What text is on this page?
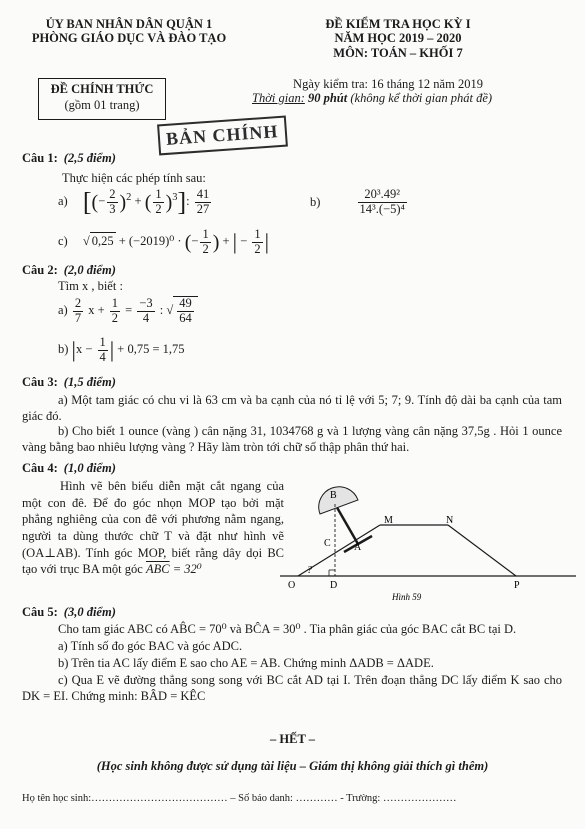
ỦY BAN NHÂN DÂN QUẬN 1
PHÒNG GIÁO DỤC VÀ ĐÀO TẠO
ĐỀ CHÍNH THỨC
(gồm 01 trang)
ĐỀ KIỂM TRA HỌC KỲ I
NĂM HỌC 2019 – 2020
MÔN: TOÁN – KHỐI 7
Ngày kiểm tra: 16 tháng 12 năm 2019
Thời gian: 90 phút (không kể thời gian phát đề)
BẢN CHÍNH
Câu 1: (2,5 điểm)
Thực hiện các phép tính sau:
a) [(− $\frac{2}{3} )^2$ + ( $\frac{1}{2} )^3$]: $\frac{41}{27}$	b)	$\frac{\text{20³.49²}}{\text{14³.(−5)⁴}}$
c) √ 0,25 + (−2019)⁰ · (− $\frac{1}{2}$ ) + | − $\frac{1}{2}$ |
Câu 2: (2,0 điểm)
Tìm x , biết :
$a) \frac{2}{7}$ $x + \frac{1}{2} = \frac{-3}{4}$ : √ $\frac{49}{64}$
b) $|x - \frac{1}{4}$ | + 0,75 = 1,75
Câu 3: (1,5 điểm)
a) Một tam giác có chu vi là 63 cm và ba cạnh của nó tỉ lệ với 5; 7; 9. Tính độ dài ba cạnh của tam giác đó.
b) Cho biết 1 ounce (vàng ) cân nặng 31, 1034768 g và 1 lượng vàng cân nặng 37,5g . Hỏi 1 ounce vàng bằng bao nhiêu lượng vàng ? Hãy làm tròn tới chữ số thập phân thứ hai.
Câu 4: (1,0 điểm)
Hình vẽ bên biểu diễn mặt cắt ngang của một con đê. Để đo góc nhọn MOP tạo bởi mặt phẳng nghiêng của con đê với phương nằm ngang, người ta dùng thước chữ T và đặt như hình vẽ (OA⊥AB). Tính góc MOP, biết rằng dây dọi BC tạo với trục BA một góc $\overline{ABC} = 32^0$
B
M	N
C A
O	D	P
?
Hình 59
Câu 5: (3,0 điểm)
Cho tam giác ABC có AB̂C = 70⁰ và BĈA = 30⁰ . Tia phân giác của góc BAC cắt BC tại D.
a) Tính số đo góc BAC và góc ADC.
b) Trên tia AC lấy điểm E sao cho AE = AB. Chứng minh ΔADB = ΔADE.
c) Qua E vẽ đường thẳng song song với BC cắt AD tại I. Trên đoạn thẳng DC lấy điểm K sao cho DK = EI. Chứng minh: BÂD = KÊC
– HẾT –
(Học sinh không được sử dụng tài liệu – Giám thị không giải thích gì thêm)
Họ tên học sinh:………………………………… – Số báo danh: ………… - Trường: …………………
